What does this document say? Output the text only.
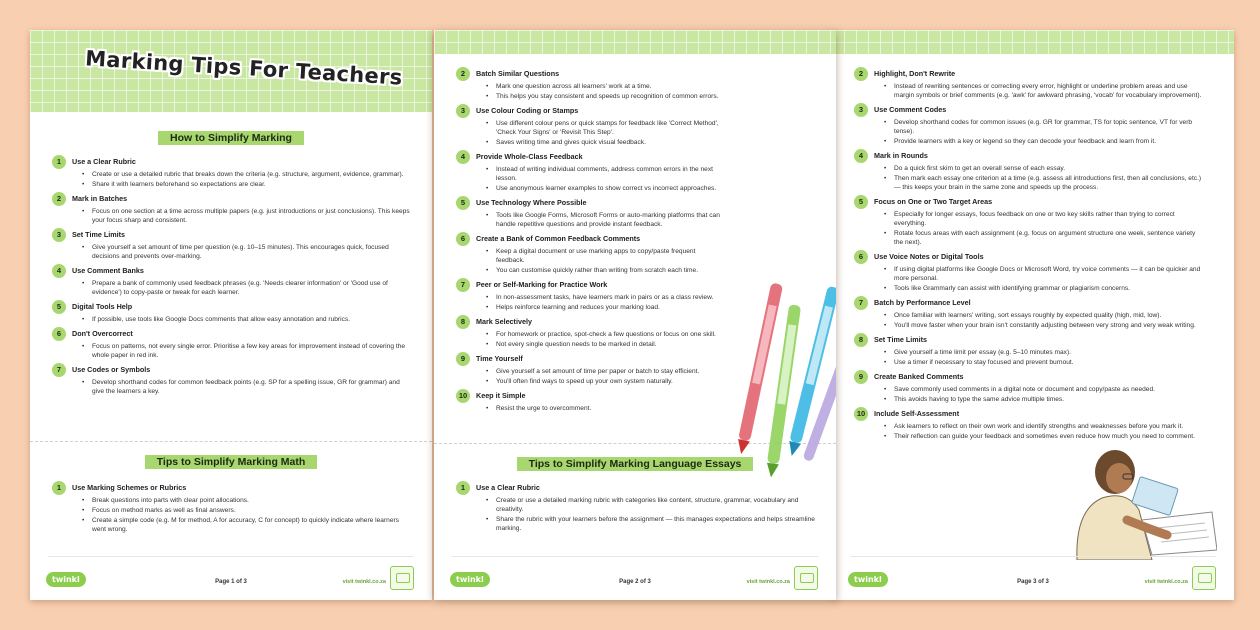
Marking Tips For Teachers
How to Simplify Marking
1	Use a Clear Rubric
• Create or use a detailed rubric that breaks down the criteria (e.g. structure, argument, evidence, grammar).
• Share it with learners beforehand so expectations are clear.
2	Mark in Batches
• Focus on one section at a time across multiple papers (e.g. just introductions or just conclusions). This keeps your focus sharp and consistent.
3	Set Time Limits
• Give yourself a set amount of time per question (e.g. 10–15 minutes). This encourages quick, focused decisions and prevents over-marking.
4	Use Comment Banks
• Prepare a bank of commonly used feedback phrases (e.g. 'Needs clearer information' or 'Good use of evidence') to copy-paste or tweak for each learner.
5	Digital Tools Help
• If possible, use tools like Google Docs comments that allow easy annotation and rubrics.
6	Don't Overcorrect
• Focus on patterns, not every single error. Prioritise a few key areas for improvement instead of covering the whole paper in red ink.
7	Use Codes or Symbols
• Develop shorthand codes for common feedback points (e.g. SP for a spelling issue, GR for grammar) and give the learners a key.
Tips to Simplify Marking Math
1	Use Marking Schemes or Rubrics
• Break questions into parts with clear point allocations.
• Focus on method marks as well as final answers.
• Create a simple code (e.g. M for method, A for accuracy, C for concept) to quickly indicate where learners went wrong.
twinkl	Page 1 of 3	visit twinkl.co.za
2	Batch Similar Questions
• Mark one question across all learners' work at a time.
• This helps you stay consistent and speeds up recognition of common errors.
3	Use Colour Coding or Stamps
• Use different colour pens or quick stamps for feedback like 'Correct Method', 'Check Your Signs' or 'Revisit This Step'.
• Saves writing time and gives quick visual feedback.
4	Provide Whole-Class Feedback
• Instead of writing individual comments, address common errors in the next lesson.
• Use anonymous learner examples to show correct vs incorrect approaches.
5	Use Technology Where Possible
• Tools like Google Forms, Microsoft Forms or auto-marking platforms that can handle repetitive questions and provide instant feedback.
6	Create a Bank of Common Feedback Comments
• Keep a digital document or use marking apps to copy/paste frequent feedback.
• You can customise quickly rather than writing from scratch each time.
7	Peer or Self-Marking for Practice Work
• In non-assessment tasks, have learners mark in pairs or as a class review.
• Helps reinforce learning and reduces your marking load.
8	Mark Selectively
• For homework or practice, spot-check a few questions or focus on one skill.
• Not every single question needs to be marked in detail.
9	Time Yourself
• Give yourself a set amount of time per paper or batch to stay efficient.
• You'll often find ways to speed up your own system naturally.
10	Keep it Simple
• Resist the urge to overcomment.
Tips to Simplify Marking Language Essays
1	Use a Clear Rubric
• Create or use a detailed marking rubric with categories like content, structure, grammar, vocabulary and creativity.
• Share the rubric with your learners before the assignment — this manages expectations and helps streamline marking.
twinkl	Page 2 of 3	visit twinkl.co.za
2	Highlight, Don't Rewrite
• Instead of rewriting sentences or correcting every error, highlight or underline problem areas and use margin symbols or brief comments (e.g. 'awk' for awkward phrasing, 'vocab' for vocabulary improvement).
3	Use Comment Codes
• Develop shorthand codes for common issues (e.g. GR for grammar, TS for topic sentence, VT for verb tense).
• Provide learners with a key or legend so they can decode your feedback and learn from it.
4	Mark in Rounds
• Do a quick first skim to get an overall sense of each essay.
• Then mark each essay one criterion at a time (e.g. assess all introductions first, then all conclusions, etc.) — this keeps your brain in the same zone and speeds up the process.
5	Focus on One or Two Target Areas
• Especially for longer essays, focus feedback on one or two key skills rather than trying to correct everything.
• Rotate focus areas with each assignment (e.g. focus on argument structure one week, sentence variety the next).
6	Use Voice Notes or Digital Tools
• If using digital platforms like Google Docs or Microsoft Word, try voice comments — it can be quicker and more personal.
• Tools like Grammarly can assist with identifying grammar or plagiarism concerns.
7	Batch by Performance Level
• Once familiar with learners' writing, sort essays roughly by expected quality (high, mid, low).
• You'll move faster when your brain isn't constantly adjusting between very strong and very weak writing.
8	Set Time Limits
• Give yourself a time limit per essay (e.g. 5–10 minutes max).
• Use a timer if necessary to stay focused and prevent burnout.
9	Create Banked Comments
• Save commonly used comments in a digital note or document and copy/paste as needed.
• This avoids having to type the same advice multiple times.
10	Include Self-Assessment
• Ask learners to reflect on their own work and identify strengths and weaknesses before you mark it.
• Their reflection can guide your feedback and sometimes even reduce how much you need to comment.
twinkl	Page 3 of 3	visit twinkl.co.za
